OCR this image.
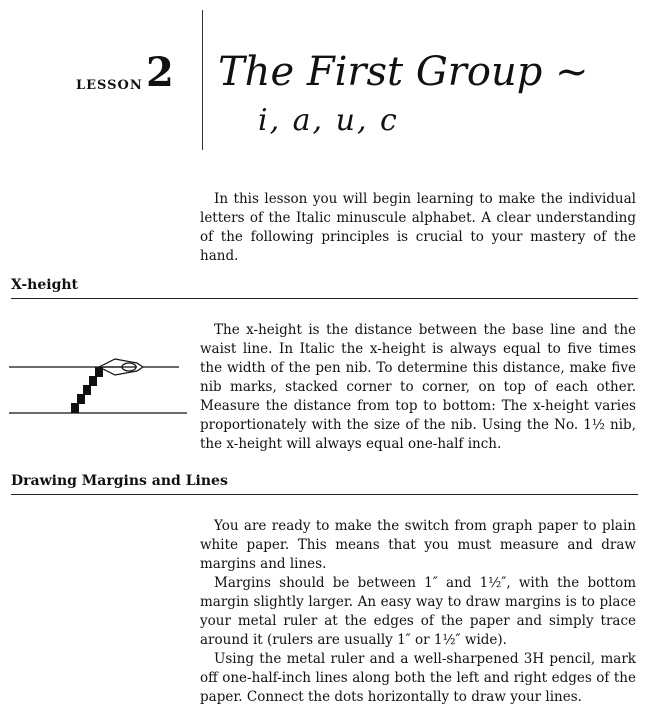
LESSON 2 The First Group ~
i, a, u, c

In this lesson you will begin learning to make the individual letters of the Italic minuscule alphabet. A clear understanding of the following principles is crucial to your mastery of the hand.

X-height

The x-height is the distance between the base line and the waist line. In Italic the x-height is always equal to five times the width of the pen nib. To determine this distance, make five nib marks, stacked corner to corner, on top of each other. Measure the distance from top to bottom: The x-height varies proportionately with the size of the nib. Using the No. 1½ nib, the x-height will always equal one-half inch.

Drawing Margins and Lines

You are ready to make the switch from graph paper to plain white paper. This means that you must measure and draw margins and lines.

Margins should be between 1″ and 1½″, with the bottom margin slightly larger. An easy way to draw margins is to place your metal ruler at the edges of the paper and simply trace around it (rulers are usually 1″ or 1½″ wide).

Using the metal ruler and a well-sharpened 3H pencil, mark off one-half-inch lines along both the left and right edges of the paper. Connect the dots horizontally to draw your lines.
